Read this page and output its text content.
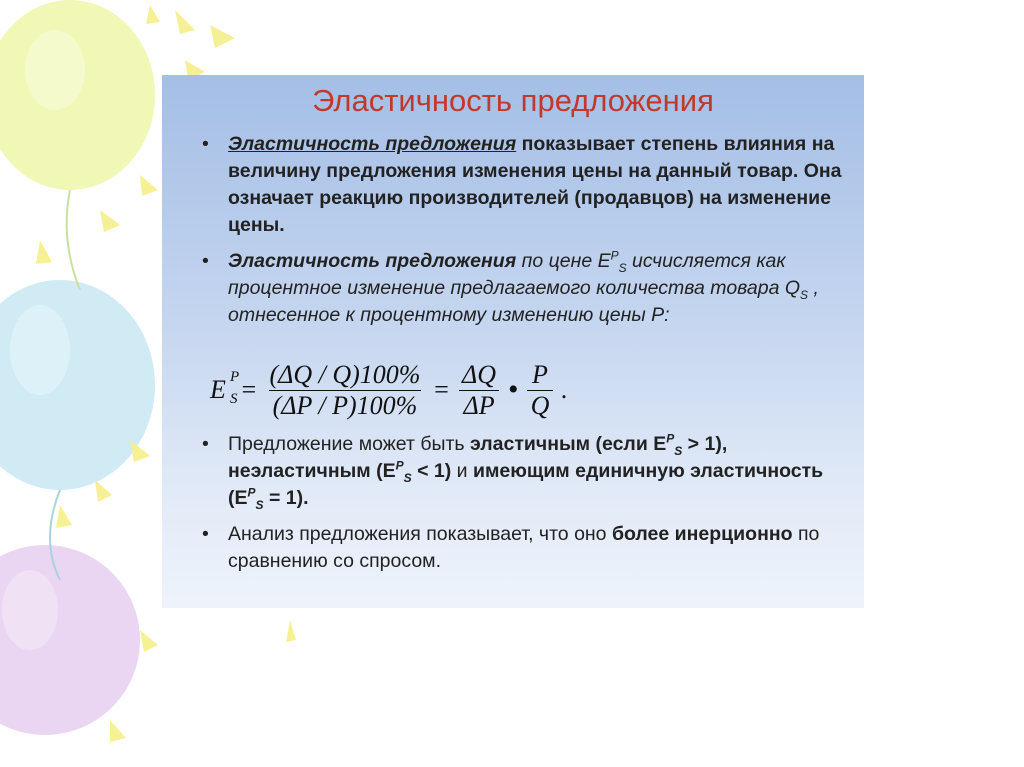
Эластичность предложения
• Эластичность предложения показывает степень влияния на величину предложения изменения цены на данный товар. Она означает реакцию производителей (продавцов) на изменение цены.
• Эластичность предложения по цене $E^P_S$ исчисляется как процентное изменение предлагаемого количества товара $Q_S$ , отнесенное к процентному изменению цены P:
E P
$S = \frac{(\Delta Q / Q)100\%}{(\Delta P / P)100\%} = \frac{\Delta Q}{\Delta P}$ • $\frac{P}{Q}$ .
• Предложение может быть эластичным (если $E^P_S > 1$), неэластичным $(E^P_S < 1)$ и имеющим единичную эластичность $(E^P_S = 1)$.
• Анализ предложения показывает, что оно более инерционно по сравнению со спросом.
